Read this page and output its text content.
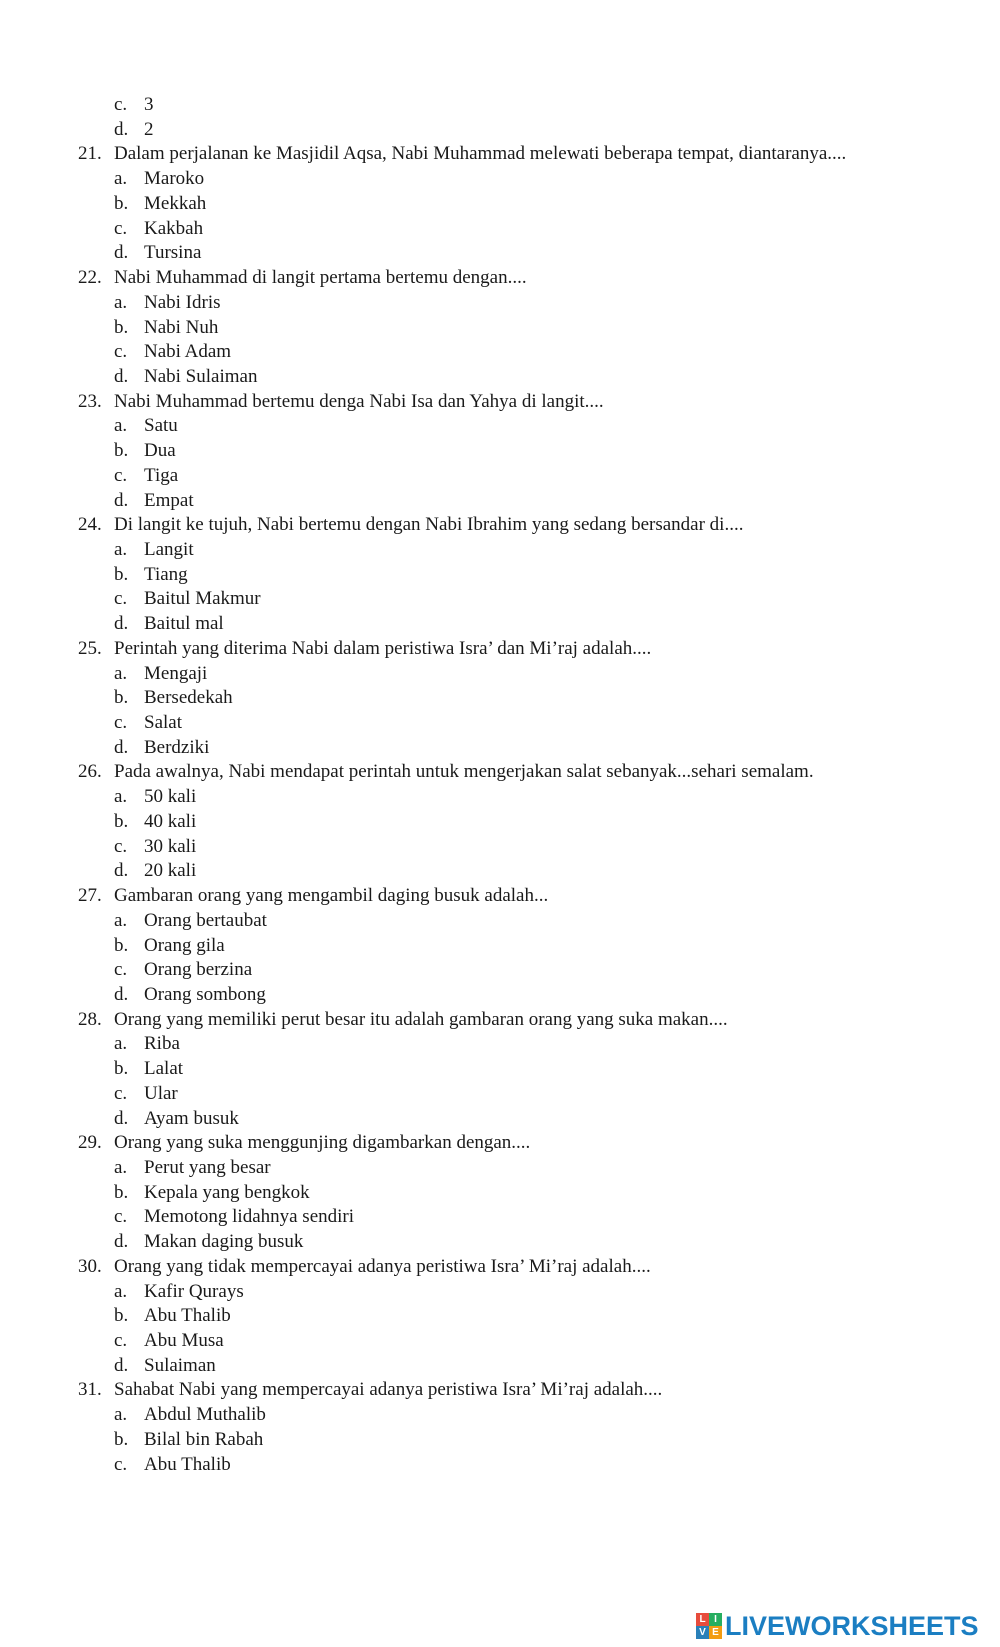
c. 3
d. 2
21. Dalam perjalanan ke Masjidil Aqsa, Nabi Muhammad melewati beberapa tempat, diantaranya....
a. Maroko
b. Mekkah
c. Kakbah
d. Tursina
22. Nabi Muhammad di langit pertama bertemu dengan....
a. Nabi Idris
b. Nabi Nuh
c. Nabi Adam
d. Nabi Sulaiman
23. Nabi Muhammad bertemu denga Nabi Isa dan Yahya di langit....
a. Satu
b. Dua
c. Tiga
d. Empat
24. Di langit ke tujuh, Nabi bertemu dengan Nabi Ibrahim yang sedang bersandar di....
a. Langit
b. Tiang
c. Baitul Makmur
d. Baitul mal
25. Perintah yang diterima Nabi dalam peristiwa Isra’ dan Mi’raj adalah....
a. Mengaji
b. Bersedekah
c. Salat
d. Berdziki
26. Pada awalnya, Nabi mendapat perintah untuk mengerjakan salat sebanyak...sehari semalam.
a. 50 kali
b. 40 kali
c. 30 kali
d. 20 kali
27. Gambaran orang yang mengambil daging busuk adalah...
a. Orang bertaubat
b. Orang gila
c. Orang berzina
d. Orang sombong
28. Orang yang memiliki perut besar itu adalah gambaran orang yang suka makan....
a. Riba
b. Lalat
c. Ular
d. Ayam busuk
29. Orang yang suka menggunjing digambarkan dengan....
a. Perut yang besar
b. Kepala yang bengkok
c. Memotong lidahnya sendiri
d. Makan daging busuk
30. Orang yang tidak mempercayai adanya peristiwa Isra’ Mi’raj adalah....
a. Kafir Qurays
b. Abu Thalib
c. Abu Musa
d. Sulaiman
31. Sahabat Nabi yang mempercayai adanya peristiwa Isra’ Mi’raj adalah....
a. Abdul Muthalib
b. Bilal bin Rabah
c. Abu Thalib
L I
V E LIVEWORKSHEETS
